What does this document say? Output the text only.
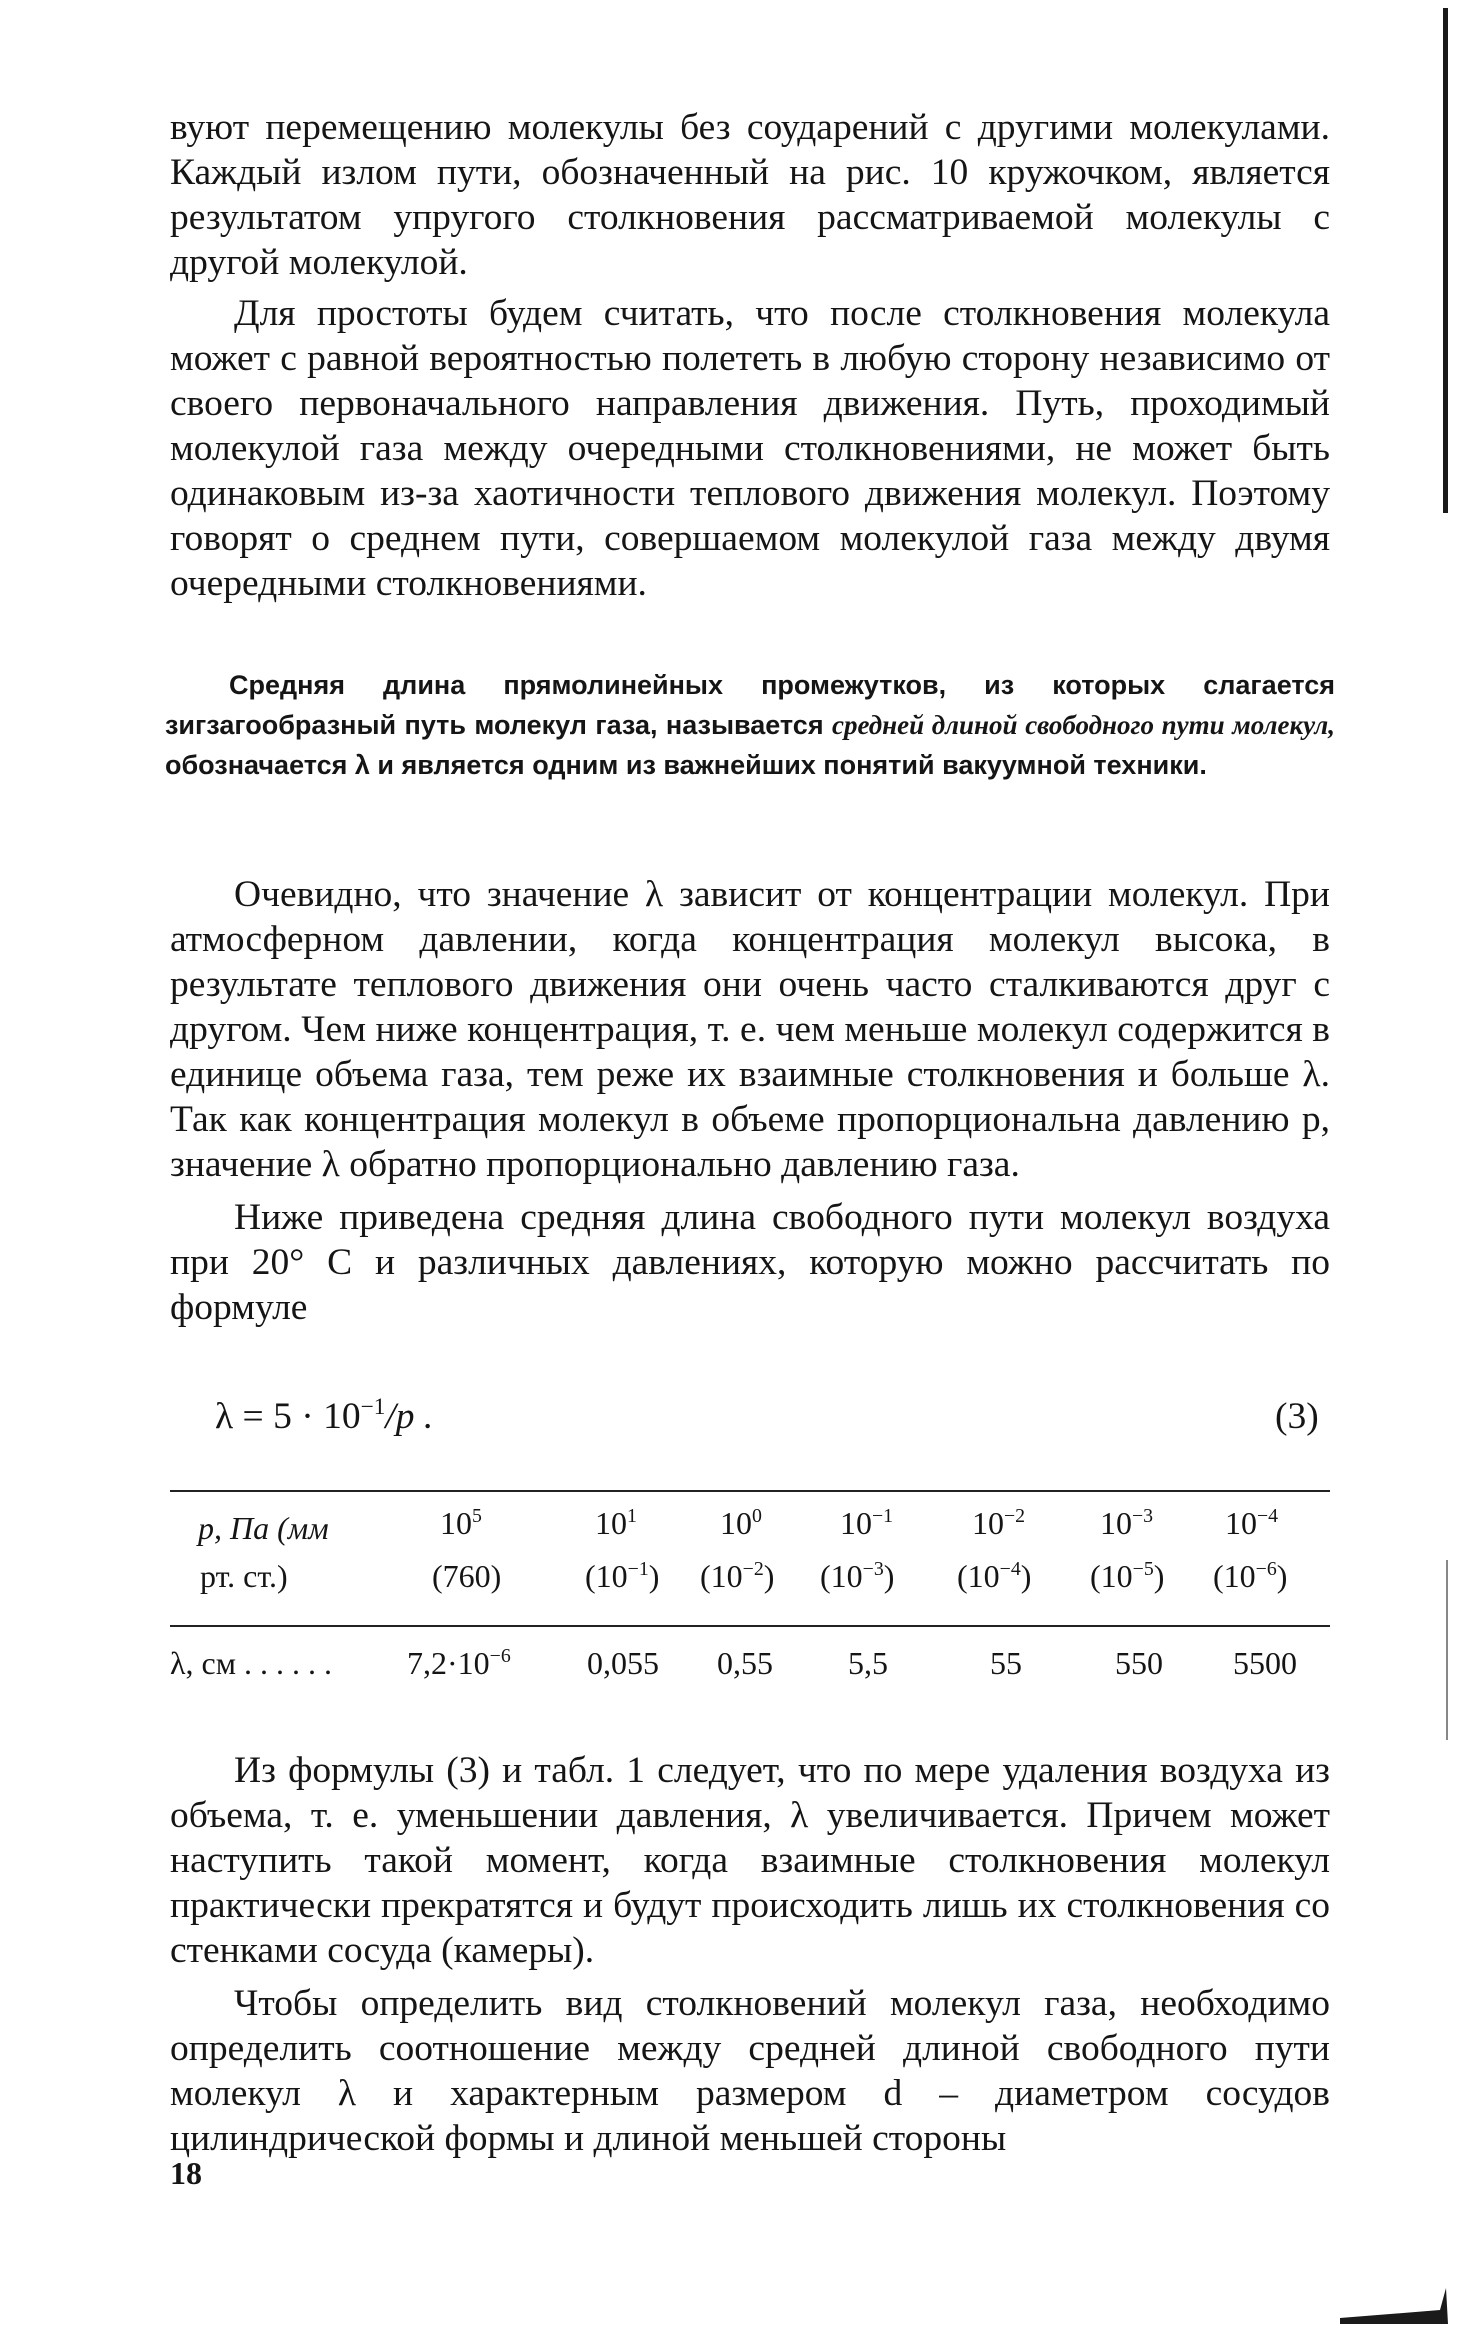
вуют перемещению молекулы без соударений с другими молекулами. Каждый излом пути, обозначенный на рис. 10 кружочком, является результатом упругого столкновения рассматриваемой молекулы с другой молекулой.

Для простоты будем считать, что после столкновения молекула может с равной вероятностью полететь в любую сторону независимо от своего первоначального направления движения. Путь, проходимый молекулой газа между очередными столкновениями, не может быть одинаковым из-за хаотичности теплового движения молекул. Поэтому говорят о среднем пути, совершаемом молекулой газа между двумя очередными столкновениями.

Средняя длина прямолинейных промежутков, из которых слагается зигзагообразный путь молекул газа, называется средней длиной свободного пути молекул, обозначается λ и является одним из важнейших понятий вакуумной техники.

Очевидно, что значение λ зависит от концентрации молекул. При атмосферном давлении, когда концентрация молекул высока, в результате теплового движения они очень часто сталкиваются друг с другом. Чем ниже концентрация, т. е. чем меньше молекул содержится в единице объема газа, тем реже их взаимные столкновения и больше λ. Так как концентрация молекул в объеме пропорциональна давлению p, значение λ обратно пропорционально давлению газа.

Ниже приведена средняя длина свободного пути молекул воздуха при 20° С и различных давлениях, которую можно рассчитать по формуле

$\lambda = 5 \cdot 10^{-1}/p$ .	(3)
p, Па (мм
рт. ст.)
λ, см . . . . . .
$10^5$
(760)
$7,2\cdot 10^{-6}$
$10^1$
$(10^{-1})$
0,055
$10^0$
$(10^{-2})$
0,55
$10^{-1}$
$(10^{-3})$
5,5
$10^{-2}$
$(10^{-4})$
55
$10^{-3}$
$(10^{-5})$
550
$10^{-4}$
$(10^{-6})$
5500

Из формулы (3) и табл. 1 следует, что по мере удаления воздуха из объема, т. е. уменьшении давления, λ увеличивается. Причем может наступить такой момент, когда взаимные столкновения молекул практически прекратятся и будут происходить лишь их столкновения со стенками сосуда (камеры).

Чтобы определить вид столкновений молекул газа, необходимо определить соотношение между средней длиной свободного пути молекул λ и характерным размером d – диаметром сосудов цилиндрической формы и длиной меньшей стороны

18
